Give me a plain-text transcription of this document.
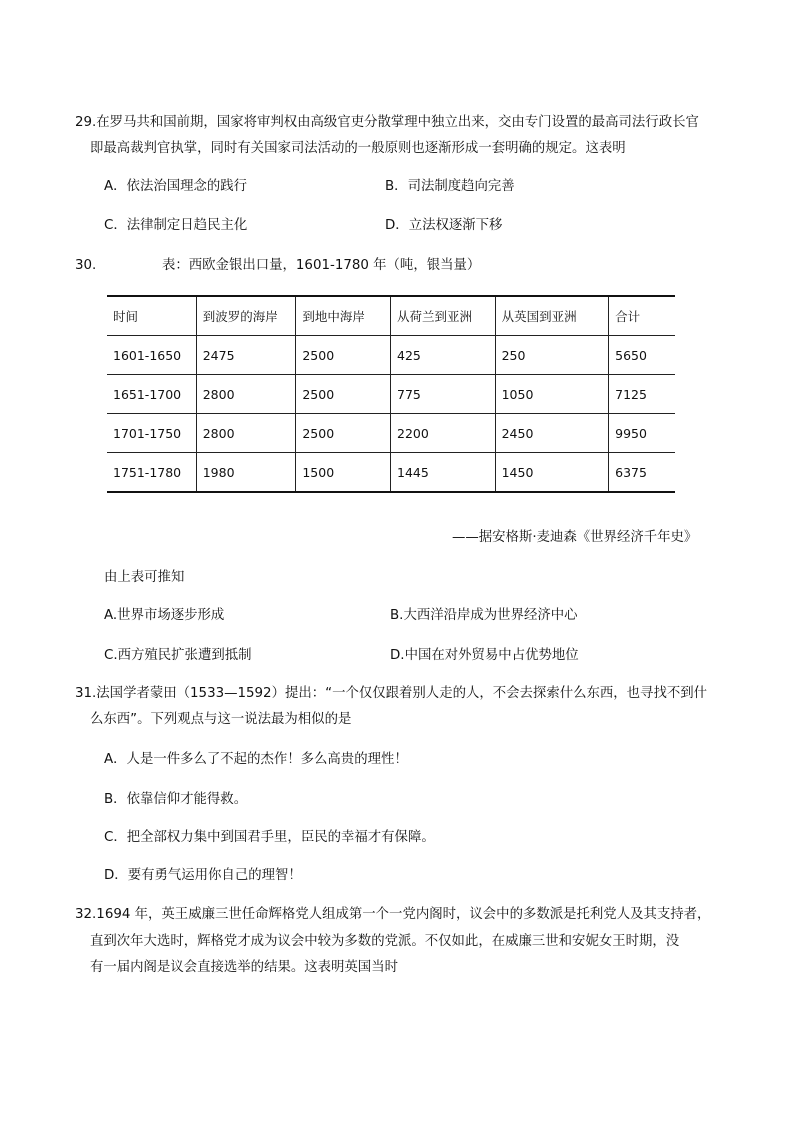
29.在罗马共和国前期，国家将审判权由高级官吏分散掌理中独立出来，交由专门设置的最高司法行政长官
即最高裁判官执掌，同时有关国家司法活动的一般原则也逐渐形成一套明确的规定。这表明
A．依法治国理念的践行	B．司法制度趋向完善
C．法律制定日趋民主化	D．立法权逐渐下移
30.	表：西欧金银出口量，1601-1780 年（吨，银当量）
时间	到波罗的海岸	到地中海岸	从荷兰到亚洲	从英国到亚洲	合计
1601-1650	2475	2500	425	250	5650
1651-1700	2800	2500	775	1050	7125
1701-1750	2800	2500	2200	2450	9950
1751-1780	1980	1500	1445	1450	6375
——据安格斯·麦迪森《世界经济千年史》
由上表可推知
A.世界市场逐步形成	B.大西洋沿岸成为世界经济中心
C.西方殖民扩张遭到抵制	D.中国在对外贸易中占优势地位
31.法国学者蒙田（1533—1592）提出：“一个仅仅跟着别人走的人，不会去探索什么东西，也寻找不到什
么东西”。下列观点与这一说法最为相似的是
A．人是一件多么了不起的杰作！多么高贵的理性！
B．依靠信仰才能得救。
C．把全部权力集中到国君手里，臣民的幸福才有保障。
D．要有勇气运用你自己的理智！
32.1694 年，英王威廉三世任命辉格党人组成第一个一党内阁时，议会中的多数派是托利党人及其支持者，
直到次年大选时，辉格党才成为议会中较为多数的党派。不仅如此，在威廉三世和安妮女王时期，没
有一届内阁是议会直接选举的结果。这表明英国当时
